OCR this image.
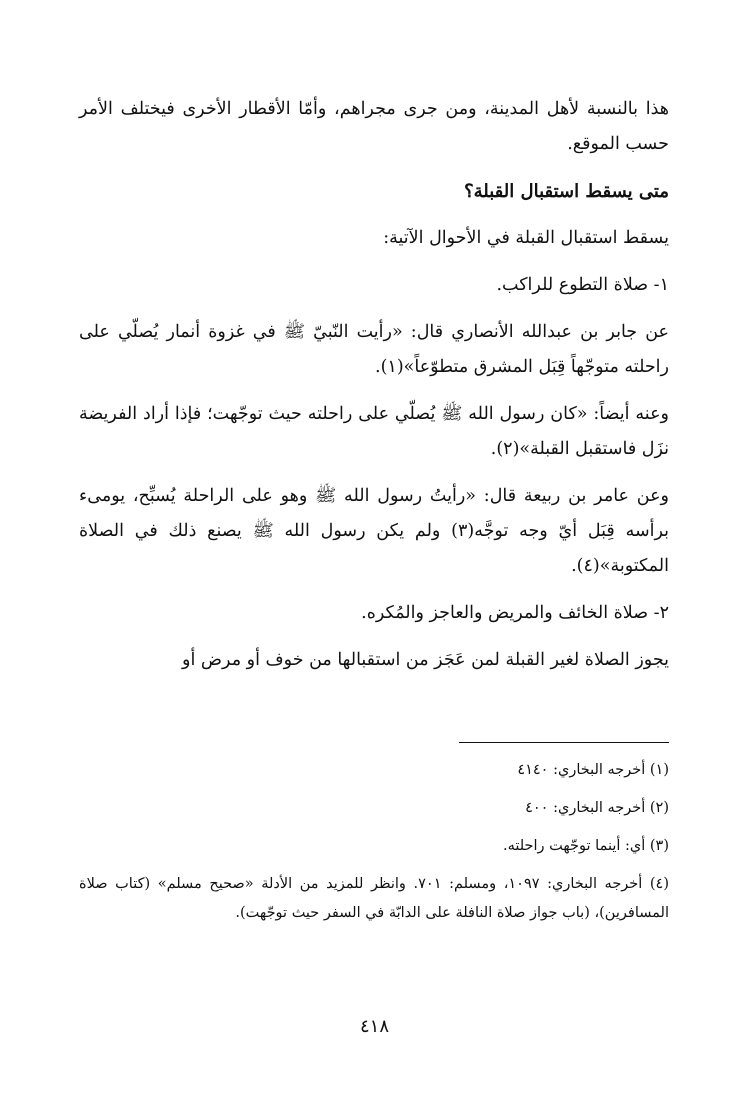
هذا بالنسبة لأهل المدينة، ومن جرى مجراهم، وأمّا الأقطار الأخرى فيختلف الأمر حسب الموقع.

متى يسقط استقبال القبلة؟

يسقط استقبال القبلة في الأحوال الآتية:

١- صلاة التطوع للراكب.

عن جابر بن عبدالله الأنصاري قال: «رأيت النّبيّ ﷺ في غزوة أنمار يُصلّي على راحلته متوجّهاً قِبَل المشرق متطوّعاً»(١).

وعنه أيضاً: «كان رسول الله ﷺ يُصلّي على راحلته حيث توجّهت؛ فإذا أراد الفريضة نزَل فاستقبل القبلة»(٢).

وعن عامر بن ربيعة قال: «رأيتُ رسول الله ﷺ وهو على الراحلة يُسبِّح، يومىء برأسه قِبَل أيّ وجه توجَّه(٣) ولم يكن رسول الله ﷺ يصنع ذلك في الصلاة المكتوبة»(٤).

٢- صلاة الخائف والمريض والعاجز والمُكره.

يجوز الصلاة لغير القبلة لمن عَجَز من استقبالها من خوف أو مرض أو

(١) أخرجه البخاري: ٤١٤٠

(٢) أخرجه البخاري: ٤٠٠

(٣) أي: أينما توجّهت راحلته.

(٤) أخرجه البخاري: ١٠٩٧، ومسلم: ٧٠١. وانظر للمزيد من الأدلة «صحيح مسلم» (كتاب صلاة المسافرين)، (باب جواز صلاة النافلة على الدابّة في السفر حيث توجّهت).

٤١٨
